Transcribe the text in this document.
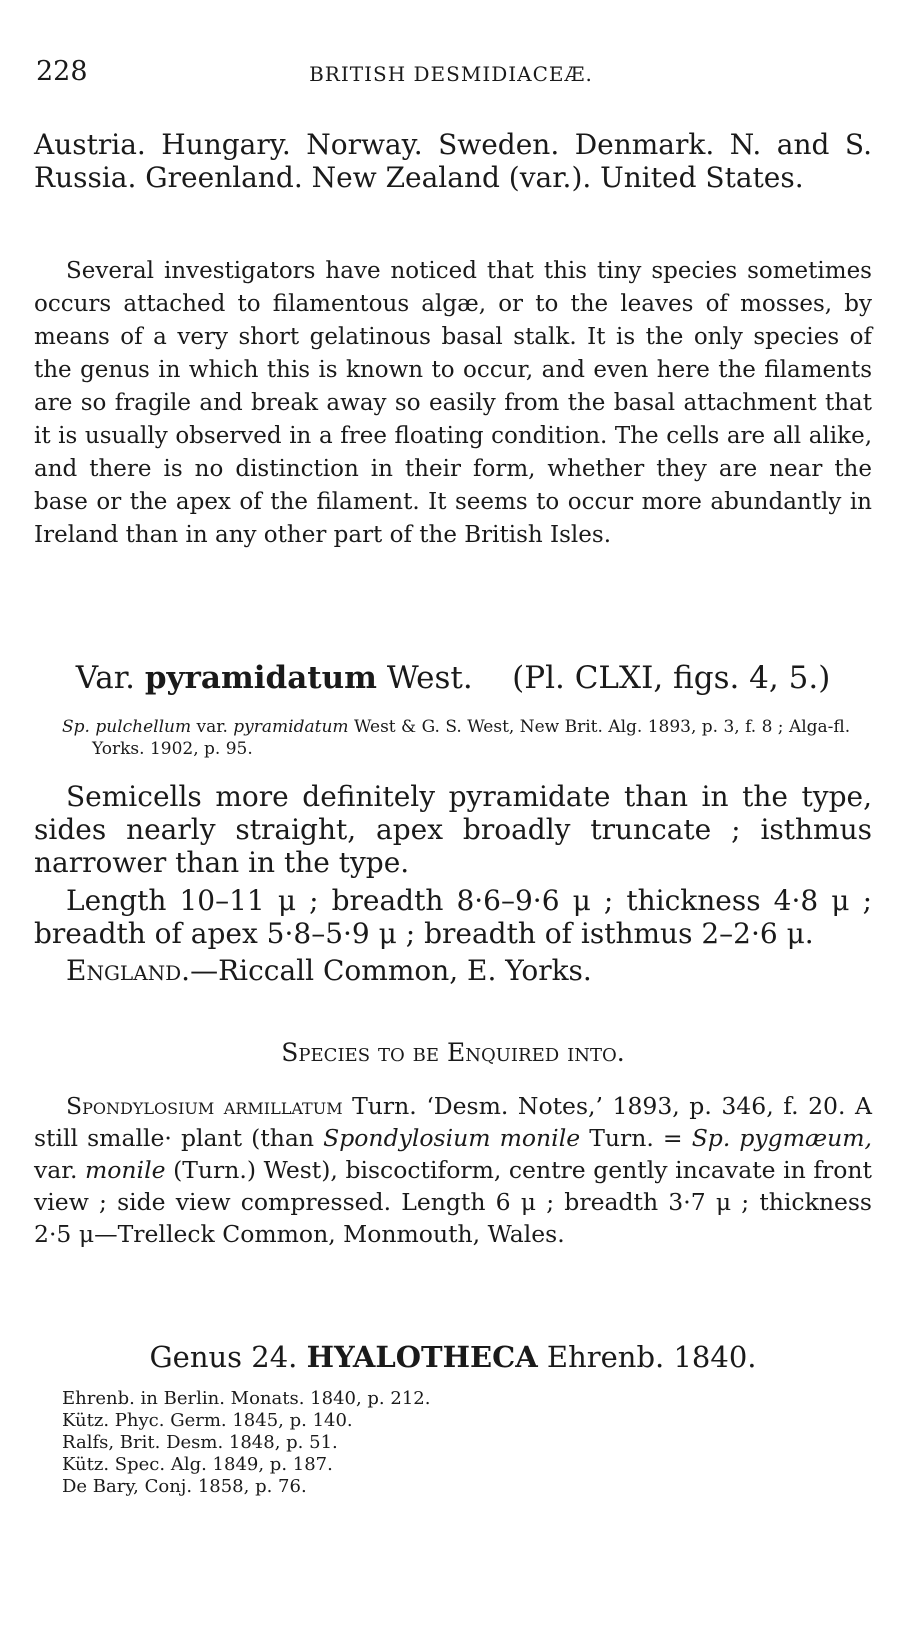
228	BRITISH DESMIDIACEÆ.

Austria. Hungary. Norway. Sweden. Denmark. N. and S. Russia. Greenland. New Zealand (var.). United States.

Several investigators have noticed that this tiny species sometimes occurs attached to filamentous algæ, or to the leaves of mosses, by means of a very short gelatinous basal stalk. It is the only species of the genus in which this is known to occur, and even here the filaments are so fragile and break away so easily from the basal attachment that it is usually observed in a free floating condition. The cells are all alike, and there is no distinction in their form, whether they are near the base or the apex of the filament. It seems to occur more abundantly in Ireland than in any other part of the British Isles.

Var. pyramidatum West. (Pl. CLXI, figs. 4, 5.)

Sp. pulchellum var. pyramidatum West & G. S. West, New Brit. Alg. 1893, p. 3, f. 8 ; Alga-fl. Yorks. 1902, p. 95.

Semicells more definitely pyramidate than in the type, sides nearly straight, apex broadly truncate ; isthmus narrower than in the type.

Length 10–11 μ ; breadth 8·6–9·6 μ ; thickness 4·8 μ ; breadth of apex 5·8–5·9 μ ; breadth of isthmus 2–2·6 μ.

England.—Riccall Common, E. Yorks.

Species to be Enquired into.

Spondylosium armillatum Turn. ‘Desm. Notes,’ 1893, p. 346, f. 20. A still smalle· plant (than Spondylosium monile Turn. = Sp. pygmæum, var. monile (Turn.) West), biscoctiform, centre gently incavate in front view ; side view compressed. Length 6 μ ; breadth 3·7 μ ; thickness 2·5 μ—Trelleck Common, Monmouth, Wales.

Genus 24. HYALOTHECA Ehrenb. 1840.
Ehrenb. in Berlin. Monats. 1840, p. 212.
Kütz. Phyc. Germ. 1845, p. 140.
Ralfs, Brit. Desm. 1848, p. 51.
Kütz. Spec. Alg. 1849, p. 187.
De Bary, Conj. 1858, p. 76.
